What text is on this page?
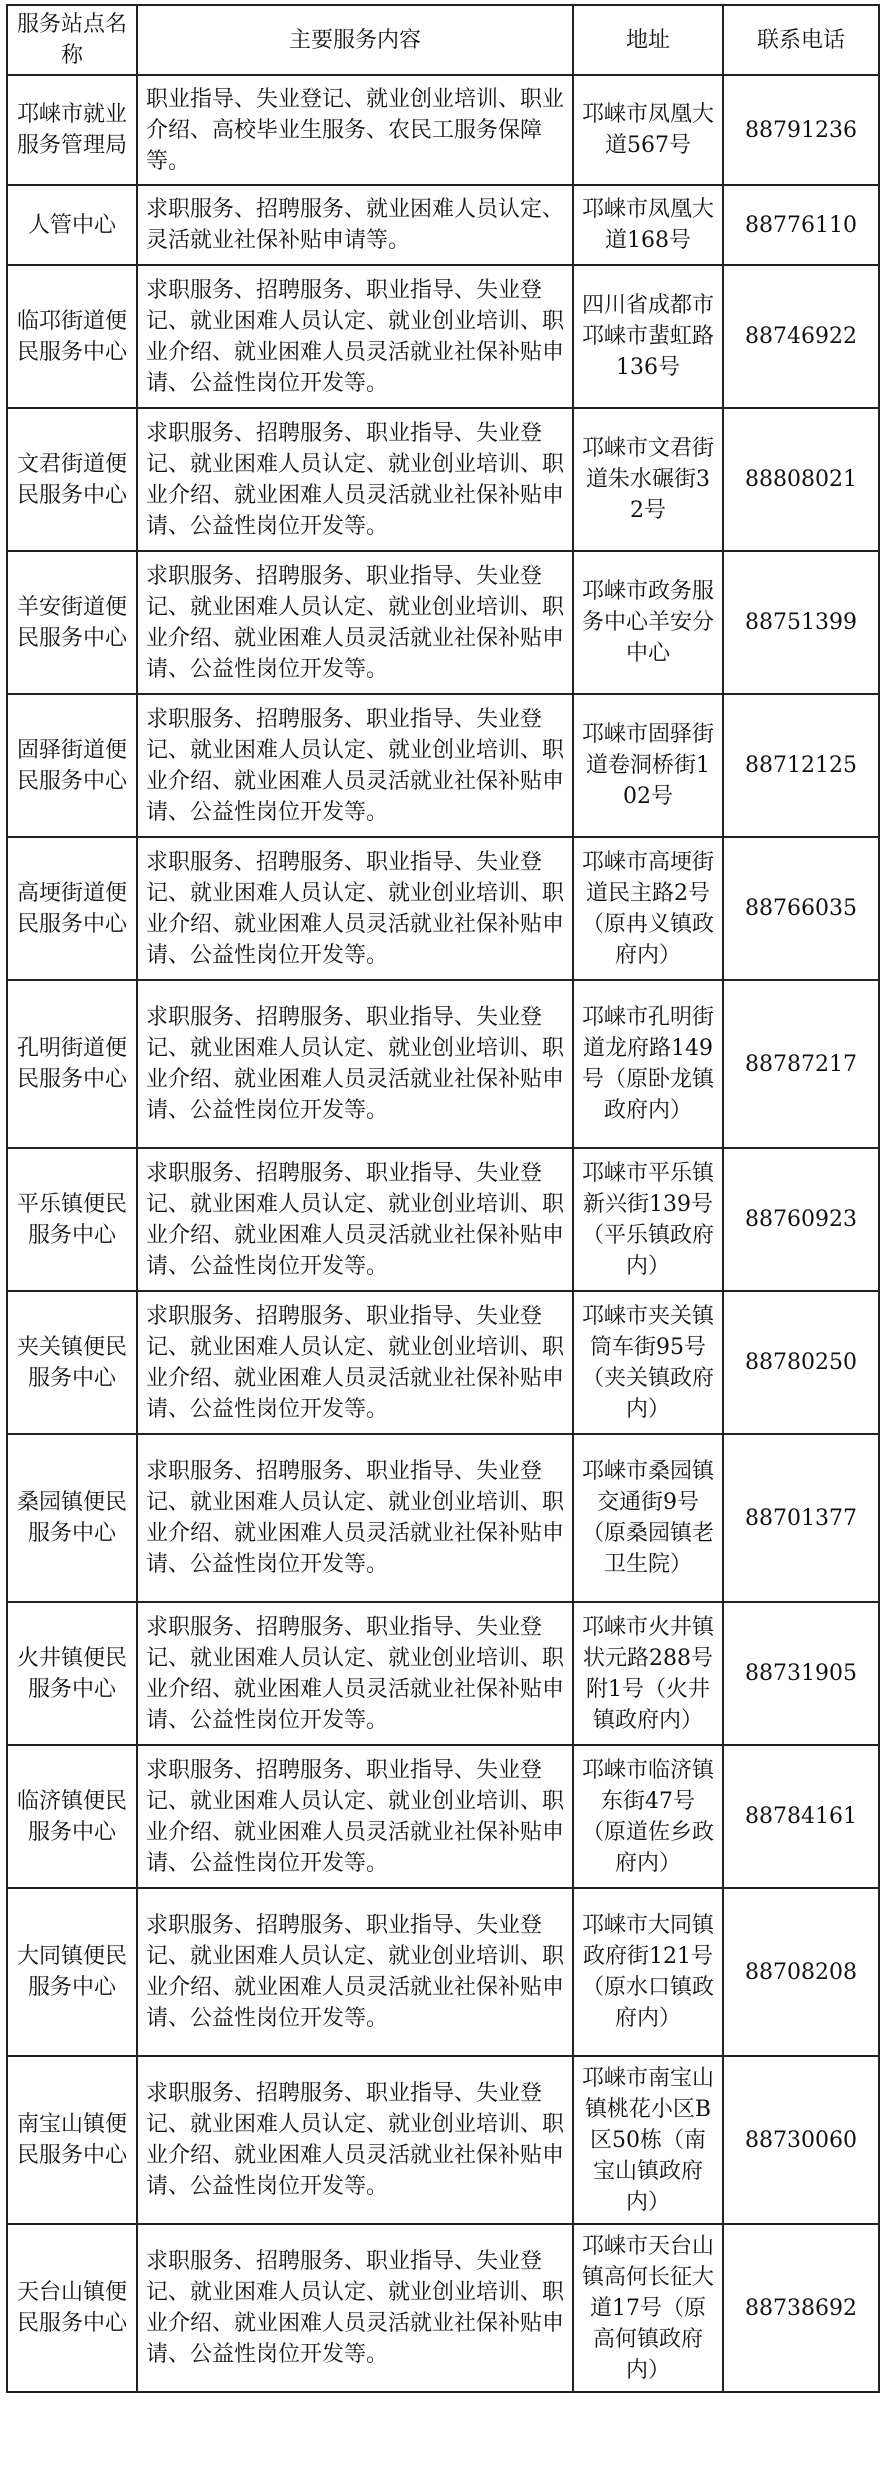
服务站点名称	主要服务内容	地址	联系电话
邛崃市就业服务管理局	职业指导、失业登记、就业创业培训、职业介绍、高校毕业生服务、农民工服务保障等。	邛崃市凤凰大道567号	88791236
人管中心	求职服务、招聘服务、就业困难人员认定、灵活就业社保补贴申请等。	邛崃市凤凰大道168号	88776110
临邛街道便民服务中心	求职服务、招聘服务、职业指导、失业登记、就业困难人员认定、就业创业培训、职业介绍、就业困难人员灵活就业社保补贴申请、公益性岗位开发等。	四川省成都市邛崃市蜚虹路136号	88746922
文君街道便民服务中心	求职服务、招聘服务、职业指导、失业登记、就业困难人员认定、就业创业培训、职业介绍、就业困难人员灵活就业社保补贴申请、公益性岗位开发等。	邛崃市文君街道朱水碾街32号	88808021
羊安街道便民服务中心	求职服务、招聘服务、职业指导、失业登记、就业困难人员认定、就业创业培训、职业介绍、就业困难人员灵活就业社保补贴申请、公益性岗位开发等。	邛崃市政务服务中心羊安分中心	88751399
固驿街道便民服务中心	求职服务、招聘服务、职业指导、失业登记、就业困难人员认定、就业创业培训、职业介绍、就业困难人员灵活就业社保补贴申请、公益性岗位开发等。	邛崃市固驿街道卷洞桥街102号	88712125
高埂街道便民服务中心	求职服务、招聘服务、职业指导、失业登记、就业困难人员认定、就业创业培训、职业介绍、就业困难人员灵活就业社保补贴申请、公益性岗位开发等。	邛崃市高埂街道民主路2号（原冉义镇政府内）	88766035
孔明街道便民服务中心	求职服务、招聘服务、职业指导、失业登记、就业困难人员认定、就业创业培训、职业介绍、就业困难人员灵活就业社保补贴申请、公益性岗位开发等。	邛崃市孔明街道龙府路149号（原卧龙镇政府内）	88787217
平乐镇便民服务中心	求职服务、招聘服务、职业指导、失业登记、就业困难人员认定、就业创业培训、职业介绍、就业困难人员灵活就业社保补贴申请、公益性岗位开发等。	邛崃市平乐镇新兴街139号（平乐镇政府内）	88760923
夹关镇便民服务中心	求职服务、招聘服务、职业指导、失业登记、就业困难人员认定、就业创业培训、职业介绍、就业困难人员灵活就业社保补贴申请、公益性岗位开发等。	邛崃市夹关镇筒车街95号（夹关镇政府内）	88780250
桑园镇便民服务中心	求职服务、招聘服务、职业指导、失业登记、就业困难人员认定、就业创业培训、职业介绍、就业困难人员灵活就业社保补贴申请、公益性岗位开发等。	邛崃市桑园镇交通街9号（原桑园镇老卫生院）	88701377
火井镇便民服务中心	求职服务、招聘服务、职业指导、失业登记、就业困难人员认定、就业创业培训、职业介绍、就业困难人员灵活就业社保补贴申请、公益性岗位开发等。	邛崃市火井镇状元路288号附1号（火井镇政府内）	88731905
临济镇便民服务中心	求职服务、招聘服务、职业指导、失业登记、就业困难人员认定、就业创业培训、职业介绍、就业困难人员灵活就业社保补贴申请、公益性岗位开发等。	邛崃市临济镇东街47号（原道佐乡政府内）	88784161
大同镇便民服务中心	求职服务、招聘服务、职业指导、失业登记、就业困难人员认定、就业创业培训、职业介绍、就业困难人员灵活就业社保补贴申请、公益性岗位开发等。	邛崃市大同镇政府街121号（原水口镇政府内）	88708208
南宝山镇便民服务中心	求职服务、招聘服务、职业指导、失业登记、就业困难人员认定、就业创业培训、职业介绍、就业困难人员灵活就业社保补贴申请、公益性岗位开发等。	邛崃市南宝山镇桃花小区B区50栋（南宝山镇政府内）	88730060
天台山镇便民服务中心	求职服务、招聘服务、职业指导、失业登记、就业困难人员认定、就业创业培训、职业介绍、就业困难人员灵活就业社保补贴申请、公益性岗位开发等。	邛崃市天台山镇高何长征大道17号（原高何镇政府内）	88738692
